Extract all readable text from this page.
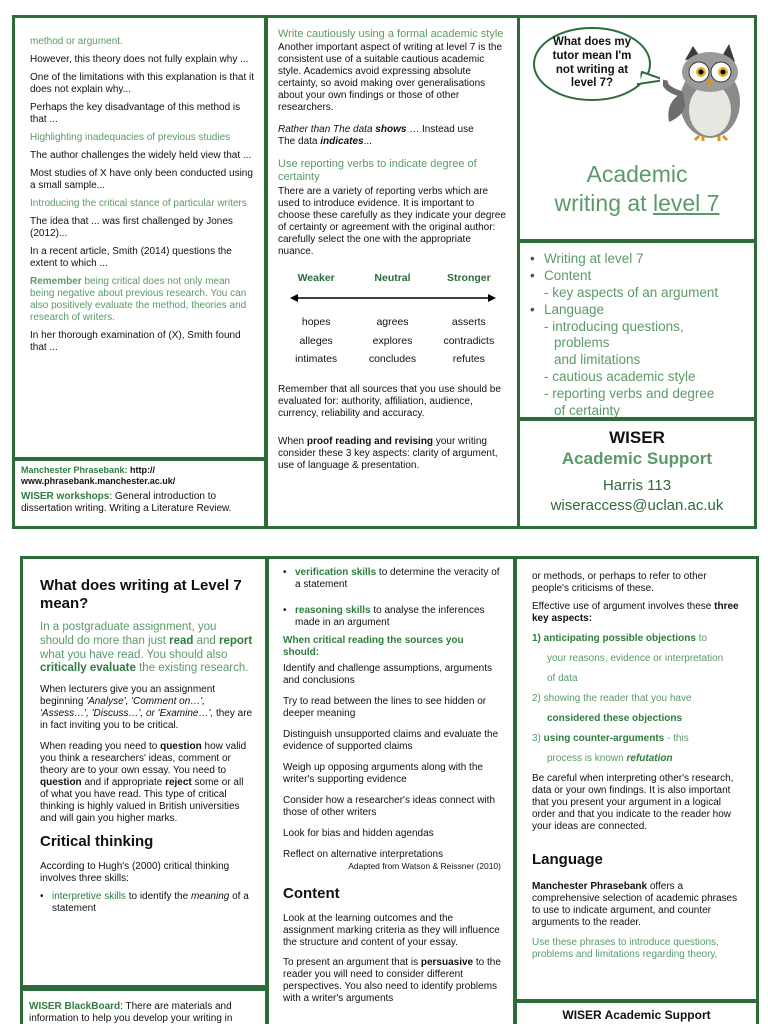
method or argument.

However, this theory does not fully explain why ...

One of the limitations with this explanation is that it does not explain why...

Perhaps the key disadvantage of this method is that ...

Highlighting inadequacies of previous studies

The author challenges the widely held view that ...

Most studies of X have only been conducted using a small sample...

Introducing the critical stance of particular writers

The idea that ... was first challenged by Jones (2012)...

In a recent article, Smith (2014) questions the extent to which ...

Remember being critical does not only mean being negative about previous research. You can also positively evaluate the method, theories and research of writers.

In her thorough examination of (X), Smith found that ...

Manchester Phrasebank: http:// www.phrasebank.manchester.ac.uk/

WISER workshops: General introduction to dissertation writing. Writing a Literature Review.

Write cautiously using a formal academic style

Another important aspect of writing at level 7 is the consistent use of a suitable cautious academic style. Academics avoid expressing absolute certainty, so avoid making over generalisations about your own findings or those of other researchers.

Rather than The data shows … Instead use

The data indicates...

Use reporting verbs to indicate degree of certainty

There are a variety of reporting verbs which are used to introduce evidence. It is important to choose these carefully as they indicate your degree of certainty or agreement with the original author: carefully select the one with the appropriate nuance.

Weaker	Neutral	Stronger
hopes	agrees	asserts
alleges	explores	contradicts
intimates	concludes	refutes

Remember that all sources that you use should be evaluated for: authority, affiliation, audience, currency, reliability and accuracy.

When proof reading and revising your writing consider these 3 key aspects: clarity of argument, use of language & presentation.

What does my tutor mean I'm not writing at level 7?
Academic
writing at level 7
• Writing at level 7
• Content
- key aspects of an argument
• Language
- introducing questions,
problems
and limitations
- cautious academic style
- reporting verbs and degree
of certainty
WISER
Academic Support
Harris 113
wiseraccess@uclan.ac.uk

What does writing at Level 7 mean?

In a postgraduate assignment, you should do more than just read and report what you have read. You should also critically evaluate the existing research.

When lecturers give you an assignment beginning 'Analyse', 'Comment on…', 'Assess…', 'Discuss…', or 'Examine…', they are in fact inviting you to be critical.

When reading you need to question how valid you think a researchers' ideas, comment or theory are to your own essay. You need to question and if appropriate reject some or all of what you have read. This type of critical thinking is highly valued in British universities and will gain you higher marks.

Critical thinking

According to Hugh's (2000) critical thinking involves three skills:

• interpretive skills to identify the meaning of a statement

WISER BlackBoard: There are materials and information to help you develop your writing in

• verification skills to determine the veracity of a statement
• reasoning skills to analyse the inferences made in an argument

When critical reading the sources you should:

Identify and challenge assumptions, arguments and conclusions

Try to read between the lines to see hidden or deeper meaning

Distinguish unsupported claims and evaluate the evidence of supported claims

Weigh up opposing arguments along with the writer's supporting evidence

Consider how a researcher's ideas connect with those of other writers

Look for bias and hidden agendas

Reflect on alternative interpretations

Adapted from Watson & Reissner (2010)

Content

Look at the learning outcomes and the assignment marking criteria as they will influence the structure and content of your essay.

To present an argument that is persuasive to the reader you will need to consider different perspectives. You also need to identify problems with a writer's arguments

or methods, or perhaps to refer to other people's criticisms of these.

Effective use of argument involves these three key aspects:

1) anticipating possible objections to
your reasons, evidence or interpretation
of data
2) showing the reader that you have
considered these objections
3) using counter-arguments - this
process is known refutation

Be careful when interpreting other's research, data or your own findings. It is also important that you present your argument in a logical order and that you indicate to the reader how your ideas are connected.

Language

Manchester Phrasebank offers a comprehensive selection of academic phrases to use to indicate argument, and counter arguments to the reader.

Use these phrases to introduce questions, problems and limitations regarding theory,

WISER Academic Support
